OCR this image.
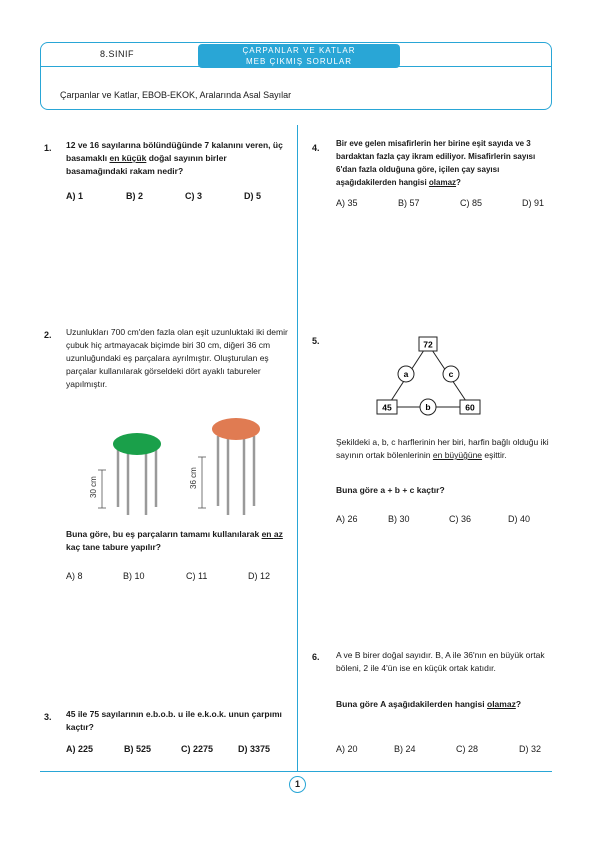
8.SINIF	ÇARPANLAR VE KATLAR
MEB ÇIKMIŞ SORULAR
Çarpanlar ve Katlar, EBOB-EKOK, Aralarında Asal Sayılar
1. 12 ve 16 sayılarına bölündüğünde 7 kalanını veren, üç basamaklı en küçük doğal sayının birler basamağındaki rakam nedir?
A) 1	B) 2	C) 3	D) 5
2. Uzunlukları 700 cm'den fazla olan eşit uzunluktaki iki demir çubuk hiç artmayacak biçimde biri 30 cm, diğeri 36 cm uzunluğundaki eş parçalara ayrılmıştır. Oluşturulan eş parçalar kullanılarak görseldeki dört ayaklı tabureler yapılmıştır.
30 cm	36 cm
Buna göre, bu eş parçaların tamamı kullanılarak en az kaç tane tabure yapılır?
A) 8	B) 10	C) 11	D) 12
3. 45 ile 75 sayılarının e.b.o.b. u ile e.k.o.k. unun çarpımı kaçtır?
A) 225	B) 525	C) 2275	D) 3375
4. Bir eve gelen misafirlerin her birine eşit sayıda ve 3 bardaktan fazla çay ikram ediliyor. Misafirlerin sayısı 6'dan fazla olduğuna göre, içilen çay sayısı aşağıdakilerden hangisi olamaz?
A) 35	B) 57	C) 85	D) 91
5.	72
45	60
a	c
b
Şekildeki a, b, c harflerinin her biri, harfin bağlı olduğu iki sayının ortak bölenlerinin en büyüğüne eşittir.
Buna göre a + b + c kaçtır?
A) 26	B) 30	C) 36	D) 40
6. A ve B birer doğal sayıdır. B, A ile 36'nın en büyük ortak böleni, 2 ile 4'ün ise en küçük ortak katıdır.
Buna göre A aşağıdakilerden hangisi olamaz?
A) 20	B) 24	C) 28	D) 32
1
